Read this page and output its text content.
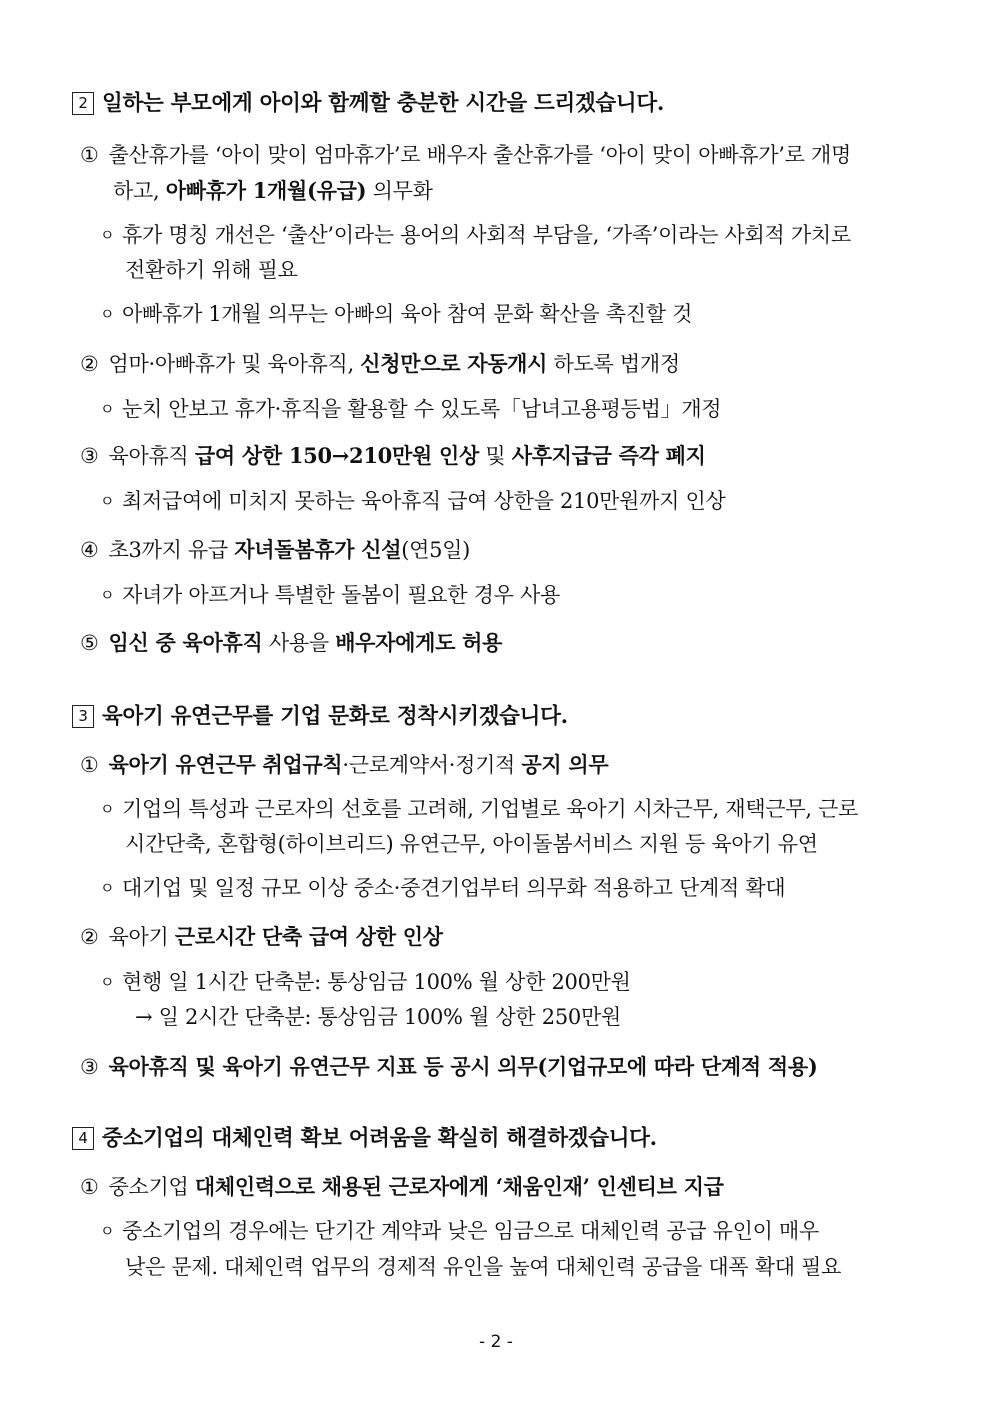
2 일하는 부모에게 아이와 함께할 충분한 시간을 드리겠습니다.
① 출산휴가를 ‘아이 맞이 엄마휴가’로 배우자 출산휴가를 ‘아이 맞이 아빠휴가’로 개명
하고, 아빠휴가 1개월(유급) 의무화
ㅇ 휴가 명칭 개선은 ‘출산’이라는 용어의 사회적 부담을, ‘가족’이라는 사회적 가치로
전환하기 위해 필요
ㅇ 아빠휴가 1개월 의무는 아빠의 육아 참여 문화 확산을 촉진할 것
② 엄마·아빠휴가 및 육아휴직, 신청만으로 자동개시 하도록 법개정
ㅇ 눈치 안보고 휴가·휴직을 활용할 수 있도록「남녀고용평등법」개정
③ 육아휴직 급여 상한 150→210만원 인상 및 사후지급금 즉각 폐지
ㅇ 최저급여에 미치지 못하는 육아휴직 급여 상한을 210만원까지 인상
④ 초3까지 유급 자녀돌봄휴가 신설(연5일)
ㅇ 자녀가 아프거나 특별한 돌봄이 필요한 경우 사용
⑤ 임신 중 육아휴직 사용을 배우자에게도 허용
3 육아기 유연근무를 기업 문화로 정착시키겠습니다.
① 육아기 유연근무 취업규칙·근로계약서·정기적 공지 의무
ㅇ 기업의 특성과 근로자의 선호를 고려해, 기업별로 육아기 시차근무, 재택근무, 근로
시간단축, 혼합형(하이브리드) 유연근무, 아이돌봄서비스 지원 등 육아기 유연
ㅇ 대기업 및 일정 규모 이상 중소·중견기업부터 의무화 적용하고 단계적 확대
② 육아기 근로시간 단축 급여 상한 인상
ㅇ 현행 일 1시간 단축분: 통상임금 100% 월 상한 200만원
→ 일 2시간 단축분: 통상임금 100% 월 상한 250만원
③ 육아휴직 및 육아기 유연근무 지표 등 공시 의무(기업규모에 따라 단계적 적용)
4 중소기업의 대체인력 확보 어려움을 확실히 해결하겠습니다.
① 중소기업 대체인력으로 채용된 근로자에게 ‘채움인재’ 인센티브 지급
ㅇ 중소기업의 경우에는 단기간 계약과 낮은 임금으로 대체인력 공급 유인이 매우
낮은 문제. 대체인력 업무의 경제적 유인을 높여 대체인력 공급을 대폭 확대 필요
- 2 -
